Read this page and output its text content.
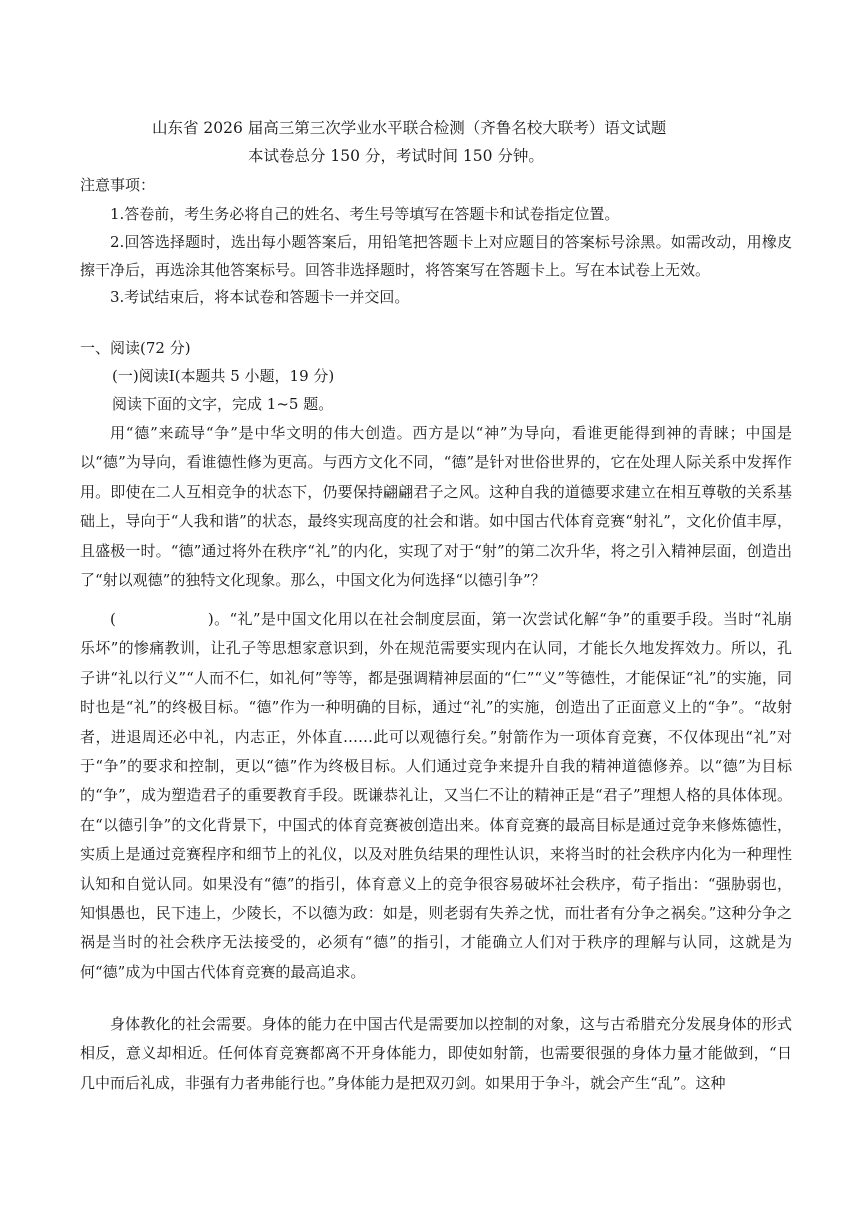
山东省 2026 届高三第三次学业水平联合检测（齐鲁名校大联考）语文试题
本试卷总分 150 分，考试时间 150 分钟。
注意事项：

1.答卷前，考生务必将自己的姓名、考生号等填写在答题卡和试卷指定位置。

2.回答选择题时，选出每小题答案后，用铅笔把答题卡上对应题目的答案标号涂黑。如需改动，用橡皮擦干净后，再选涂其他答案标号。回答非选择题时，将答案写在答题卡上。写在本试卷上无效。

3.考试结束后，将本试卷和答题卡一并交回。

一、阅读(72 分)
(一)阅读Ⅰ(本题共 5 小题，19 分)
阅读下面的文字，完成 1~5 题。

用“德”来疏导“争”是中华文明的伟大创造。西方是以“神”为导向，看谁更能得到神的青睐；中国是以“德”为导向，看谁德性修为更高。与西方文化不同，“德”是针对世俗世界的，它在处理人际关系中发挥作用。即使在二人互相竞争的状态下，仍要保持翩翩君子之风。这种自我的道德要求建立在相互尊敬的关系基础上，导向于“人我和谐”的状态，最终实现高度的社会和谐。如中国古代体育竞赛“射礼”，文化价值丰厚，且盛极一时。“德”通过将外在秩序“礼”的内化，实现了对于“射”的第二次升华，将之引入精神层面，创造出了“射以观德”的独特文化现象。那么，中国文化为何选择“以德引争”？

(	)。“礼”是中国文化用以在社会制度层面，第一次尝试化解“争”的重要手段。当时“礼崩乐坏”的惨痛教训，让孔子等思想家意识到，外在规范需要实现内在认同，才能长久地发挥效力。所以，孔子讲“礼以行义”“人而不仁，如礼何”等等，都是强调精神层面的“仁”“义”等德性，才能保证“礼”的实施，同时也是“礼”的终极目标。“德”作为一种明确的目标，通过“礼”的实施，创造出了正面意义上的“争”。“故射者，进退周还必中礼，内志正，外体直……此可以观德行矣。”射箭作为一项体育竞赛，不仅体现出“礼”对于“争”的要求和控制，更以“德”作为终极目标。人们通过竞争来提升自我的精神道德修养。以“德”为目标的“争”，成为塑造君子的重要教育手段。既谦恭礼让，又当仁不让的精神正是“君子”理想人格的具体体现。在“以德引争”的文化背景下，中国式的体育竞赛被创造出来。体育竞赛的最高目标是通过竞争来修炼德性，实质上是通过竞赛程序和细节上的礼仪，以及对胜负结果的理性认识，来将当时的社会秩序内化为一种理性认知和自觉认同。如果没有“德”的指引，体育意义上的竞争很容易破坏社会秩序，荀子指出：“强胁弱也，知惧愚也，民下违上，少陵长，不以德为政：如是，则老弱有失养之忧，而壮者有分争之祸矣。”这种分争之祸是当时的社会秩序无法接受的，必须有“德”的指引，才能确立人们对于秩序的理解与认同，这就是为何“德”成为中国古代体育竞赛的最高追求。

身体教化的社会需要。身体的能力在中国古代是需要加以控制的对象，这与古希腊充分发展身体的形式相反，意义却相近。任何体育竞赛都离不开身体能力，即使如射箭，也需要很强的身体力量才能做到，“日几中而后礼成，非强有力者弗能行也。”身体能力是把双刃剑。如果用于争斗，就会产生“乱”。这种
